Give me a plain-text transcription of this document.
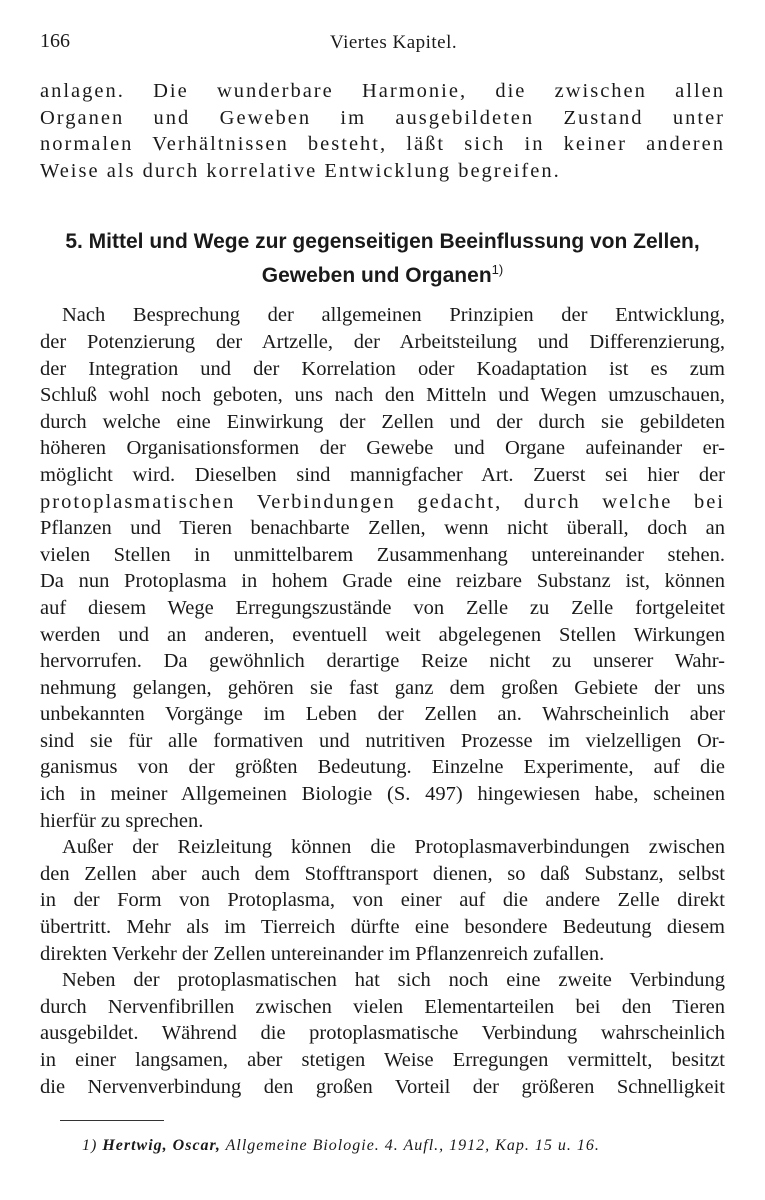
166	Viertes Kapitel.
anlagen. Die wunderbare Harmonie, die zwischen allen
Organen und Geweben im ausgebildeten Zustand unter
normalen Verhältnissen besteht, läßt sich in keiner anderen
Weise als durch korrelative Entwicklung begreifen.
5. Mittel und Wege zur gegenseitigen Beeinflussung von Zellen,
Geweben und Organen$^{1)}$
Nach Besprechung der allgemeinen Prinzipien der Entwicklung,
der Potenzierung der Artzelle, der Arbeitsteilung und Differenzierung,
der Integration und der Korrelation oder Koadaptation ist es zum
Schluß wohl noch geboten, uns nach den Mitteln und Wegen umzuschauen,
durch welche eine Einwirkung der Zellen und der durch sie gebildeten
höheren Organisationsformen der Gewebe und Organe aufeinander er-
möglicht wird. Dieselben sind mannigfacher Art. Zuerst sei hier der
protoplasmatischen Verbindungen gedacht, durch welche bei
Pflanzen und Tieren benachbarte Zellen, wenn nicht überall, doch an
vielen Stellen in unmittelbarem Zusammenhang untereinander stehen.
Da nun Protoplasma in hohem Grade eine reizbare Substanz ist, können
auf diesem Wege Erregungszustände von Zelle zu Zelle fortgeleitet
werden und an anderen, eventuell weit abgelegenen Stellen Wirkungen
hervorrufen. Da gewöhnlich derartige Reize nicht zu unserer Wahr-
nehmung gelangen, gehören sie fast ganz dem großen Gebiete der uns
unbekannten Vorgänge im Leben der Zellen an. Wahrscheinlich aber
sind sie für alle formativen und nutritiven Prozesse im vielzelligen Or-
ganismus von der größten Bedeutung. Einzelne Experimente, auf die
ich in meiner Allgemeinen Biologie (S. 497) hingewiesen habe, scheinen
hierfür zu sprechen.
Außer der Reizleitung können die Protoplasmaverbindungen zwischen
den Zellen aber auch dem Stofftransport dienen, so daß Substanz, selbst
in der Form von Protoplasma, von einer auf die andere Zelle direkt
übertritt. Mehr als im Tierreich dürfte eine besondere Bedeutung diesem
direkten Verkehr der Zellen untereinander im Pflanzenreich zufallen.
Neben der protoplasmatischen hat sich noch eine zweite Verbindung
durch Nervenfibrillen zwischen vielen Elementarteilen bei den Tieren
ausgebildet. Während die protoplasmatische Verbindung wahrscheinlich
in einer langsamen, aber stetigen Weise Erregungen vermittelt, besitzt
die Nervenverbindung den großen Vorteil der größeren Schnelligkeit
1) Hertwig, Oscar, Allgemeine Biologie. 4. Aufl., 1912, Kap. 15 u. 16.
